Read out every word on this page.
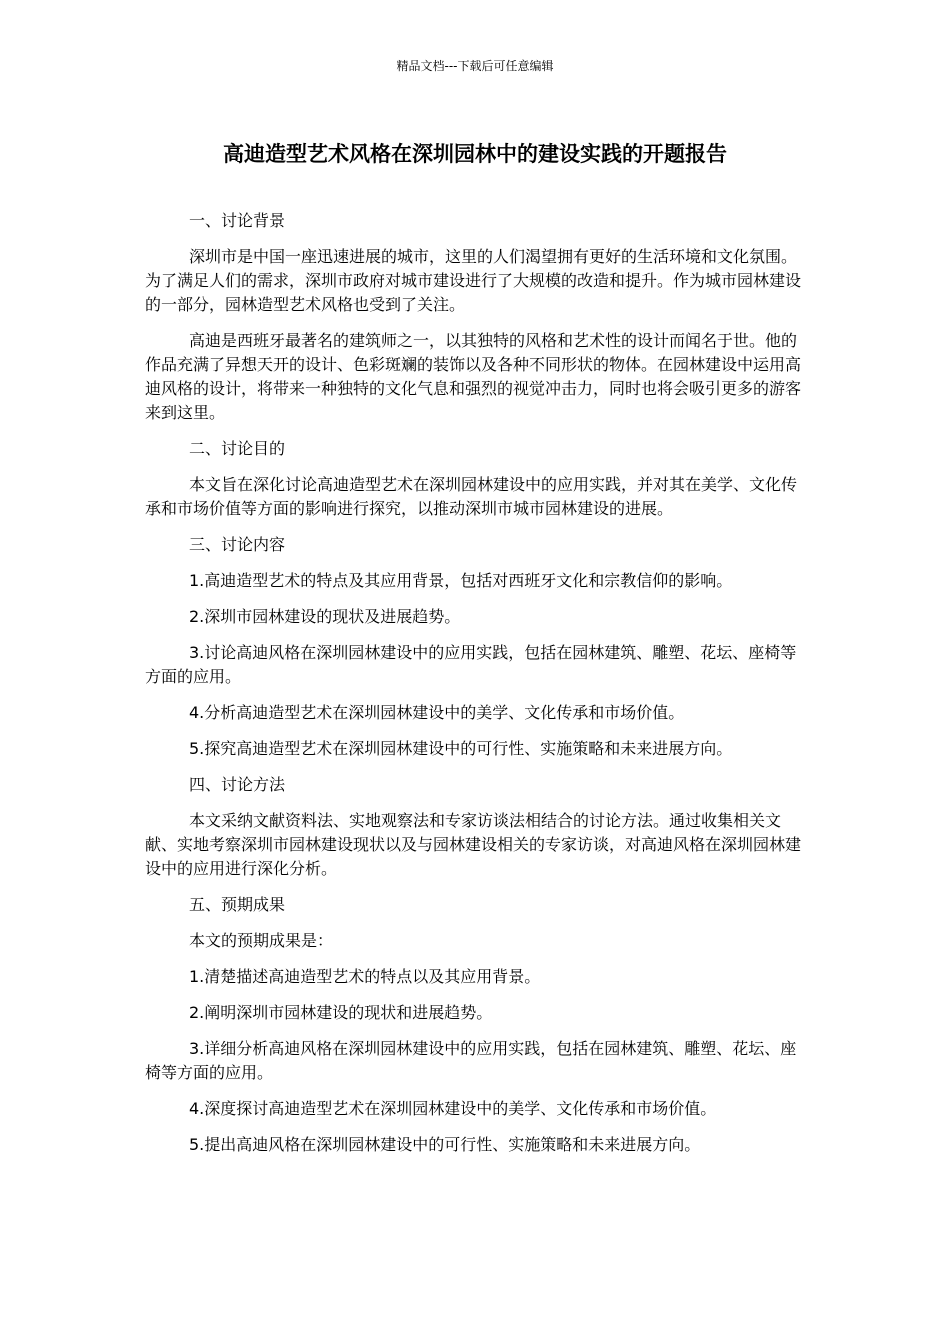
精品文档---下载后可任意编辑
高迪造型艺术风格在深圳园林中的建设实践的开题报告

一、讨论背景

深圳市是中国一座迅速进展的城市，这里的人们渴望拥有更好的生活环境和文化氛围。为了满足人们的需求，深圳市政府对城市建设进行了大规模的改造和提升。作为城市园林建设的一部分，园林造型艺术风格也受到了关注。

高迪是西班牙最著名的建筑师之一，以其独特的风格和艺术性的设计而闻名于世。他的作品充满了异想天开的设计、色彩斑斓的装饰以及各种不同形状的物体。在园林建设中运用高迪风格的设计，将带来一种独特的文化气息和强烈的视觉冲击力，同时也将会吸引更多的游客来到这里。

二、讨论目的

本文旨在深化讨论高迪造型艺术在深圳园林建设中的应用实践，并对其在美学、文化传承和市场价值等方面的影响进行探究，以推动深圳市城市园林建设的进展。

三、讨论内容

1.高迪造型艺术的特点及其应用背景，包括对西班牙文化和宗教信仰的影响。

2.深圳市园林建设的现状及进展趋势。

3.讨论高迪风格在深圳园林建设中的应用实践，包括在园林建筑、雕塑、花坛、座椅等方面的应用。

4.分析高迪造型艺术在深圳园林建设中的美学、文化传承和市场价值。

5.探究高迪造型艺术在深圳园林建设中的可行性、实施策略和未来进展方向。

四、讨论方法

本文采纳文献资料法、实地观察法和专家访谈法相结合的讨论方法。通过收集相关文献、实地考察深圳市园林建设现状以及与园林建设相关的专家访谈，对高迪风格在深圳园林建设中的应用进行深化分析。

五、预期成果

本文的预期成果是：

1.清楚描述高迪造型艺术的特点以及其应用背景。

2.阐明深圳市园林建设的现状和进展趋势。

3.详细分析高迪风格在深圳园林建设中的应用实践，包括在园林建筑、雕塑、花坛、座椅等方面的应用。

4.深度探讨高迪造型艺术在深圳园林建设中的美学、文化传承和市场价值。

5.提出高迪风格在深圳园林建设中的可行性、实施策略和未来进展方向。
